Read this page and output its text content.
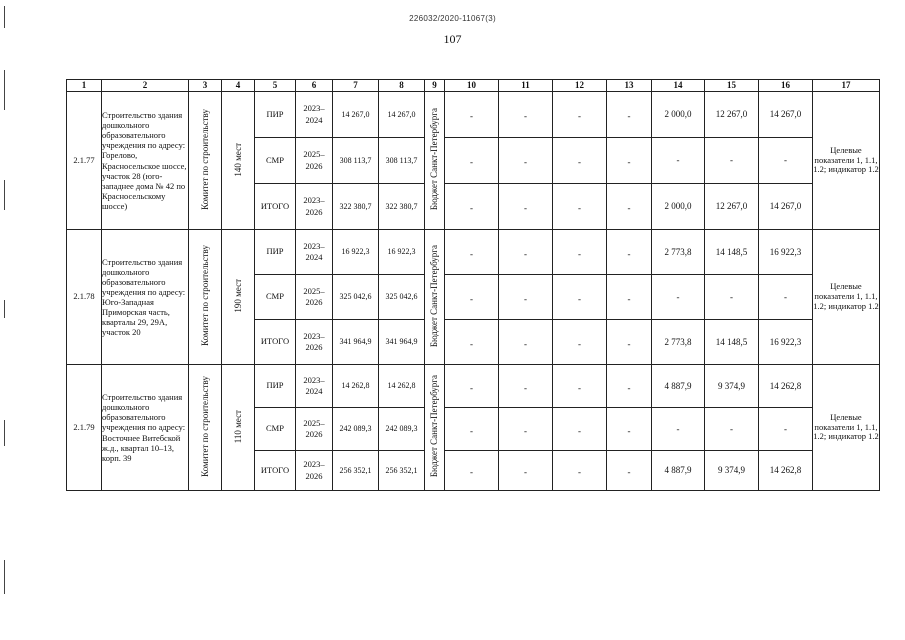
226032/2020-11067(3)
107
1	2	3	4	5	6	7	8	9	10	11	12	13	14	15	16	17
2.1.77	Строительство здания дошкольного образовательного учреждения по адресу: Горелово, Красносельское шоссе, участок 28 (юго-западнее дома № 42 по Красносельскому шоссе)	Комитет по строительству	140 мест	ПИР	2023–2024	14 267,0	14 267,0	Бюджет Санкт-Петербурга	-	-	-	-	2 000,0	12 267,0	14 267,0	Целевые показатели 1, 1.1, 1.2; индикатор 1.2
				СМР	2025–2026	308 113,7	308 113,7		-	-	-	-	-	-	-	
				ИТОГО	2023–2026	322 380,7	322 380,7		-	-	-	-	2 000,0	12 267,0	14 267,0	
2.1.78	Строительство здания дошкольного образовательного учреждения по адресу: Юго-Западная Приморская часть, кварталы 29, 29А, участок 20	Комитет по строительству	190 мест	ПИР	2023–2024	16 922,3	16 922,3	Бюджет Санкт-Петербурга	-	-	-	-	2 773,8	14 148,5	16 922,3	Целевые показатели 1, 1.1, 1.2; индикатор 1.2
				СМР	2025–2026	325 042,6	325 042,6		-	-	-	-	-	-	-	
				ИТОГО	2023–2026	341 964,9	341 964,9		-	-	-	-	2 773,8	14 148,5	16 922,3	
2.1.79	Строительство здания дошкольного образовательного учреждения по адресу: Восточнее Витебской ж.д., квартал 10–13, корп. 39	Комитет по строительству	110 мест	ПИР	2023–2024	14 262,8	14 262,8	Бюджет Санкт-Петербурга	-	-	-	-	4 887,9	9 374,9	14 262,8	Целевые показатели 1, 1.1, 1.2; индикатор 1.2
				СМР	2025–2026	242 089,3	242 089,3		-	-	-	-	-	-	-	
				ИТОГО	2023–2026	256 352,1	256 352,1		-	-	-	-	4 887,9	9 374,9	14 262,8	
